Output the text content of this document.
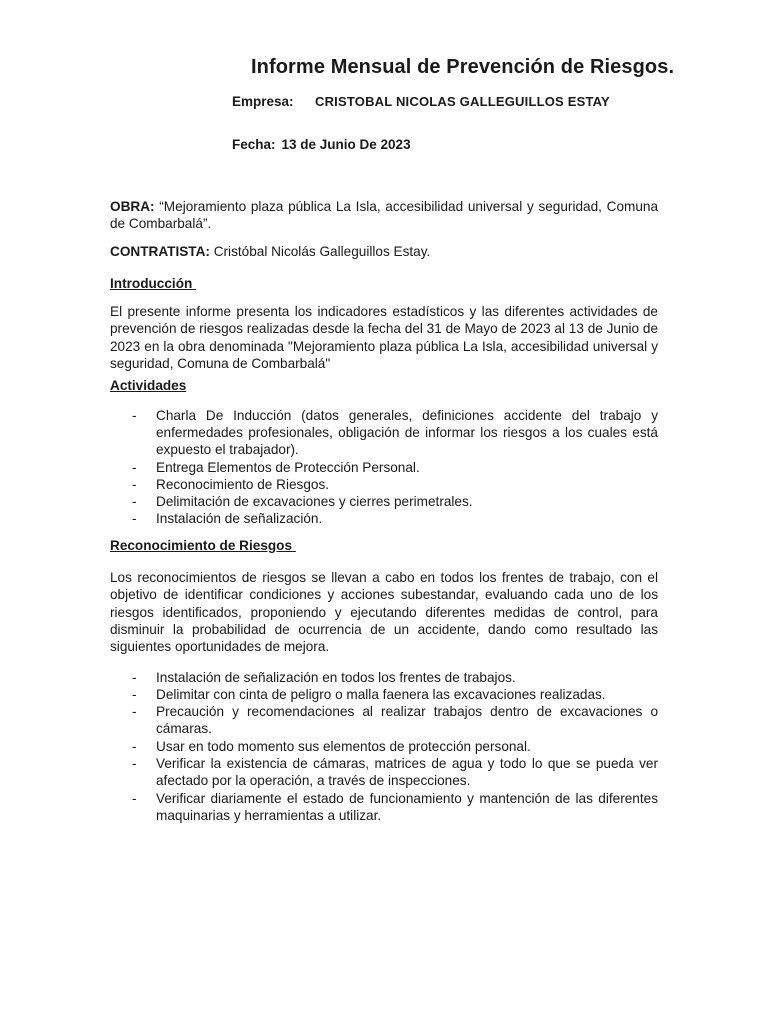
Informe Mensual de Prevención de Riesgos.
Empresa: CRISTOBAL NICOLAS GALLEGUILLOS ESTAY
Fecha: 13 de Junio De 2023

OBRA: “Mejoramiento plaza pública La Isla, accesibilidad universal y seguridad, Comuna de Combarbalá”.

CONTRATISTA: Cristóbal Nicolás Galleguillos Estay.

Introducción

El presente informe presenta los indicadores estadísticos y las diferentes actividades de prevención de riesgos realizadas desde la fecha del 31 de Mayo de 2023 al 13 de Junio de 2023 en la obra denominada "Mejoramiento plaza pública La Isla, accesibilidad universal y seguridad, Comuna de Combarbalá"

Actividades

- Charla De Inducción (datos generales, definiciones accidente del trabajo y enfermedades profesionales, obligación de informar los riesgos a los cuales está expuesto el trabajador).
- Entrega Elementos de Protección Personal.
- Reconocimiento de Riesgos.
- Delimitación de excavaciones y cierres perimetrales.
- Instalación de señalización.

Reconocimiento de Riesgos

Los reconocimientos de riesgos se llevan a cabo en todos los frentes de trabajo, con el objetivo de identificar condiciones y acciones subestandar, evaluando cada uno de los riesgos identificados, proponiendo y ejecutando diferentes medidas de control, para disminuir la probabilidad de ocurrencia de un accidente, dando como resultado las siguientes oportunidades de mejora.

- Instalación de señalización en todos los frentes de trabajos.
- Delimitar con cinta de peligro o malla faenera las excavaciones realizadas.
- Precaución y recomendaciones al realizar trabajos dentro de excavaciones o cámaras.
- Usar en todo momento sus elementos de protección personal.
- Verificar la existencia de cámaras, matrices de agua y todo lo que se pueda ver afectado por la operación, a través de inspecciones.
- Verificar diariamente el estado de funcionamiento y mantención de las diferentes maquinarias y herramientas a utilizar.
